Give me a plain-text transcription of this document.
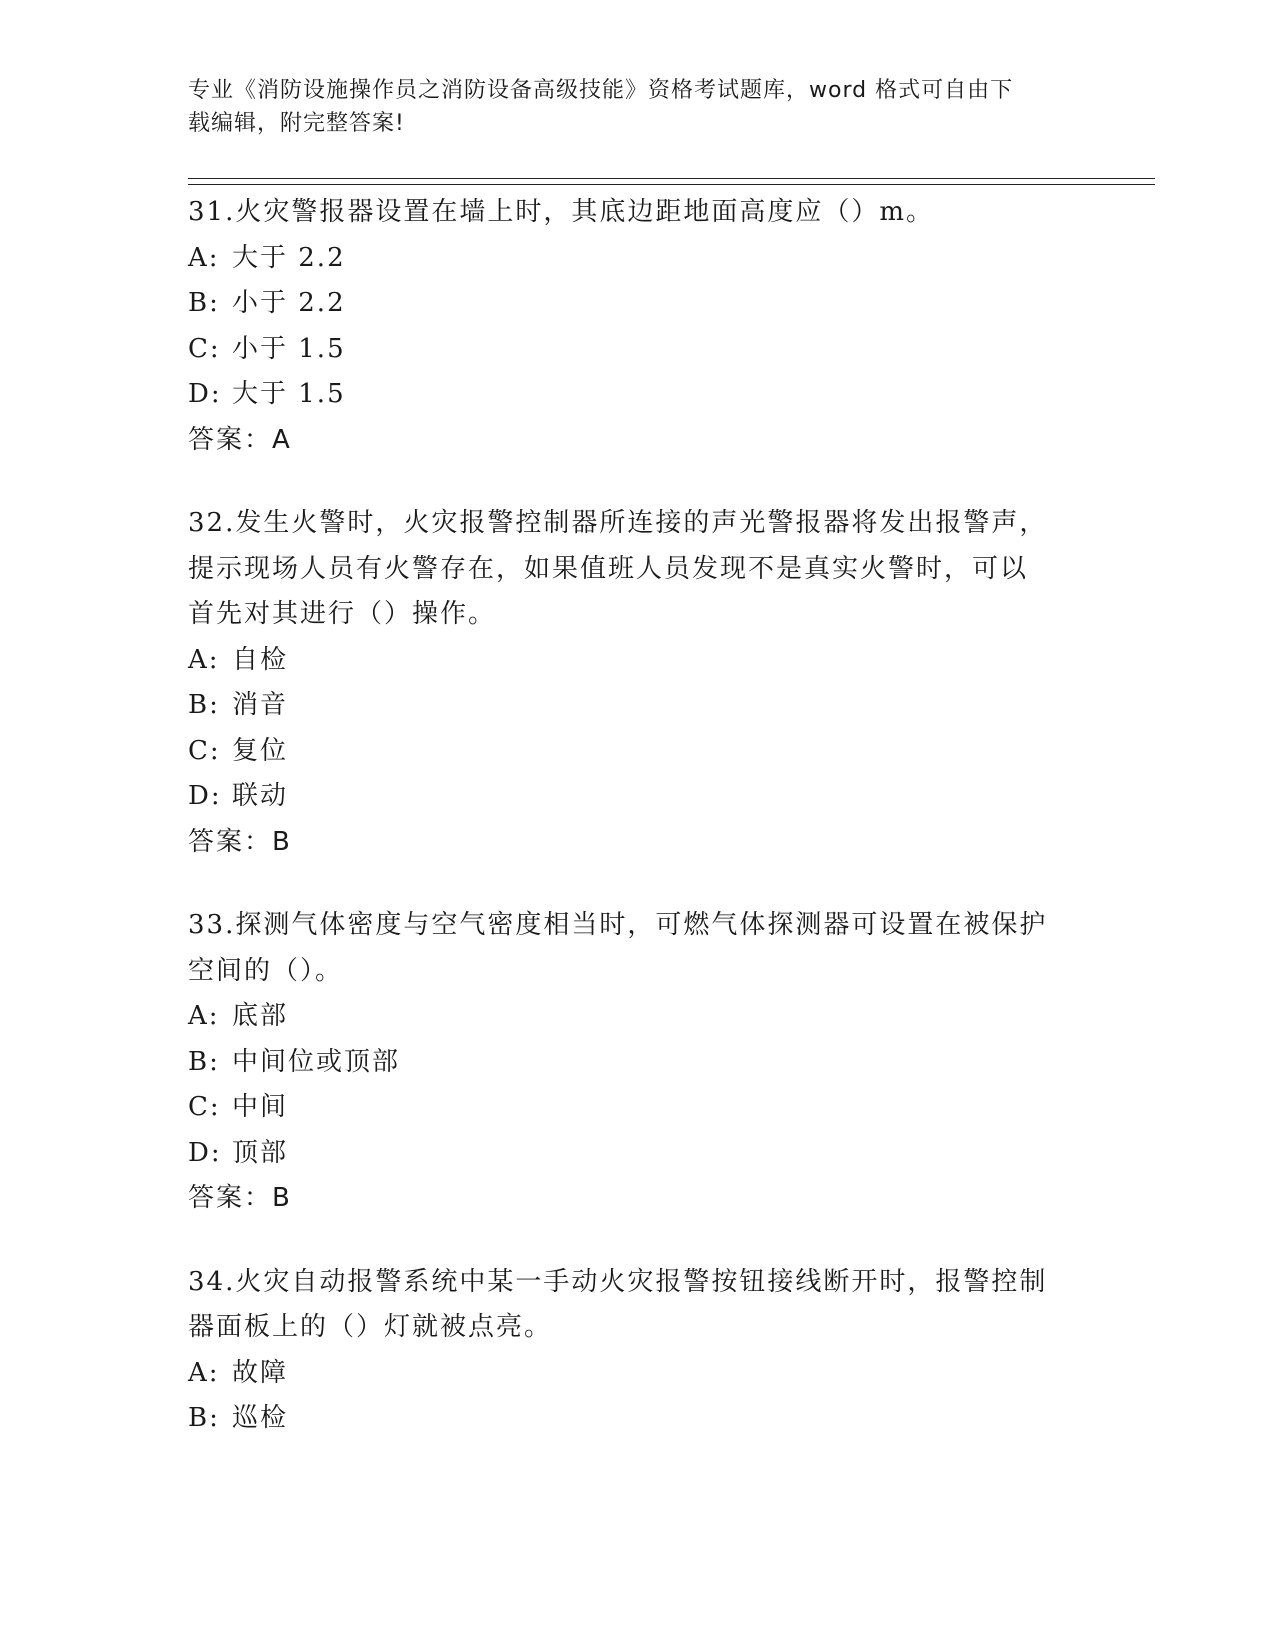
专业《消防设施操作员之消防设备高级技能》资格考试题库，word 格式可自由下
载编辑，附完整答案!
31.火灾警报器设置在墙上时，其底边距地面高度应（）m。
A: 大于 2.2
B: 小于 2.2
C: 小于 1.5
D: 大于 1.5
答案：A
32.发生火警时，火灾报警控制器所连接的声光警报器将发出报警声，
提示现场人员有火警存在，如果值班人员发现不是真实火警时，可以
首先对其进行（）操作。
A: 自检
B: 消音
C: 复位
D: 联动
答案：B
33.探测气体密度与空气密度相当时，可燃气体探测器可设置在被保护
空间的（）。
A: 底部
B: 中间位或顶部
C: 中间
D: 顶部
答案：B
34.火灾自动报警系统中某一手动火灾报警按钮接线断开时，报警控制
器面板上的（）灯就被点亮。
A: 故障
B: 巡检
